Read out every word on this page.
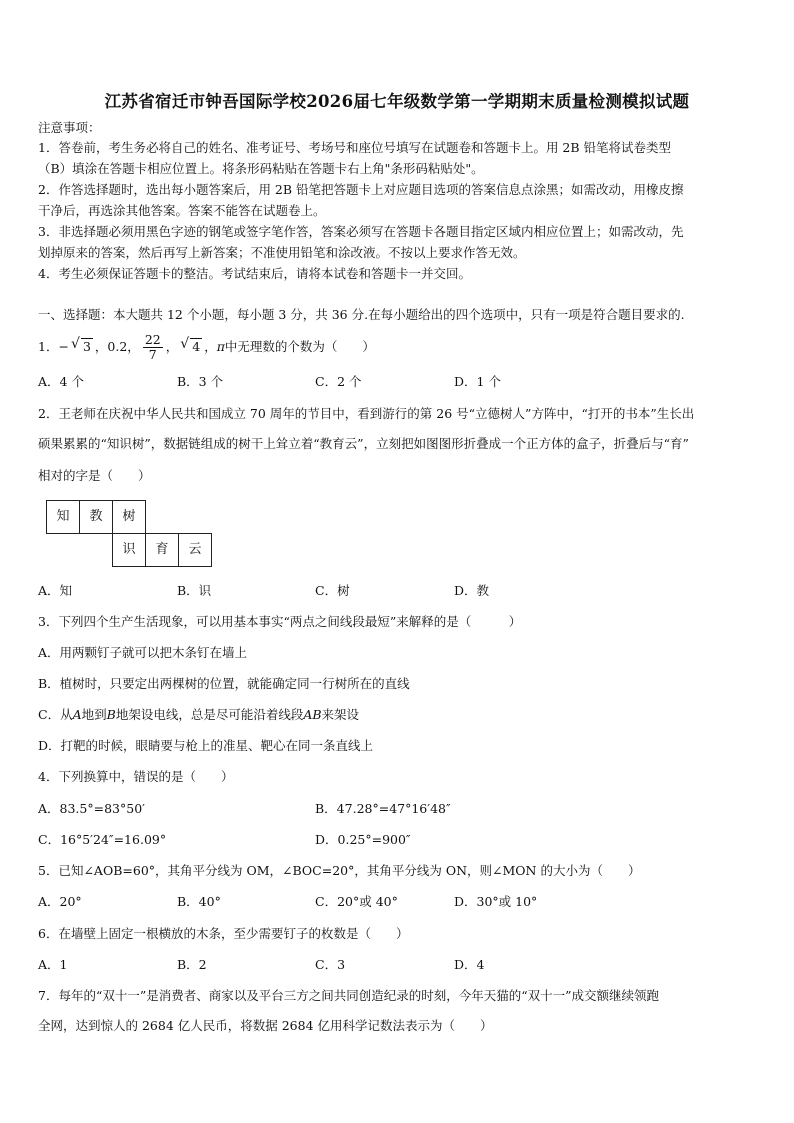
江苏省宿迁市钟吾国际学校2026届七年级数学第一学期期末质量检测模拟试题
注意事项：
1．答卷前，考生务必将自己的姓名、准考证号、考场号和座位号填写在试题卷和答题卡上。用 2B 铅笔将试卷类型
（B）填涂在答题卡相应位置上。将条形码粘贴在答题卡右上角"条形码粘贴处"。
2．作答选择题时，选出每小题答案后，用 2B 铅笔把答题卡上对应题目选项的答案信息点涂黑；如需改动，用橡皮擦
干净后，再选涂其他答案。答案不能答在试题卷上。
3．非选择题必须用黑色字迹的钢笔或签字笔作答，答案必须写在答题卡各题目指定区域内相应位置上；如需改动，先
划掉原来的答案，然后再写上新答案；不准使用铅笔和涂改液。不按以上要求作答无效。
4．考生必须保证答题卡的整洁。考试结束后，请将本试卷和答题卡一并交回。
一、选择题：本大题共 12 个小题，每小题 3 分，共 36 分.在每小题给出的四个选项中，只有一项是符合题目要求的.
1．− √ 3 ，0.2， $\frac{22}{7}$ ， √ 4 ，π中无理数的个数为（　　）
A．4 个	B．3 个	C．2 个	D．1 个
2．王老师在庆祝中华人民共和国成立 70 周年的节目中，看到游行的第 26 号“立德树人”方阵中，“打开的书本”生长出
硕果累累的“知识树”，数据链组成的树干上耸立着“教育云”，立刻把如图图形折叠成一个正方体的盒子，折叠后与“育”
相对的字是（　　）
知	教	树
识	育	云
A．知	B．识	C．树	D．教
3．下列四个生产生活现象，可以用基本事实“两点之间线段最短”来解释的是（　　　）
A．用两颗钉子就可以把木条钉在墙上
B．植树时，只要定出两棵树的位置，就能确定同一行树所在的直线
C．从A地到B地架设电线，总是尽可能沿着线段AB来架设
D．打靶的时候，眼睛要与枪上的准星、靶心在同一条直线上
4．下列换算中，错误的是（　　）
A．83.5°=83°50′	B．47.28°=47°16′48″
C．16°5′24″=16.09°	D．0.25°=900″
5．已知∠AOB=60°，其角平分线为 OM，∠BOC=20°，其角平分线为 ON，则∠MON 的大小为（　　）
A．20°	B．40°	C．20°或 40°	D．30°或 10°
6．在墙壁上固定一根横放的木条，至少需要钉子的枚数是（　　）
A．1	B．2	C．3	D．4
7．每年的“双十一”是消费者、商家以及平台三方之间共同创造纪录的时刻，今年天猫的“双十一”成交额继续领跑
全网，达到惊人的 2684 亿人民币，将数据 2684 亿用科学记数法表示为（　　）
